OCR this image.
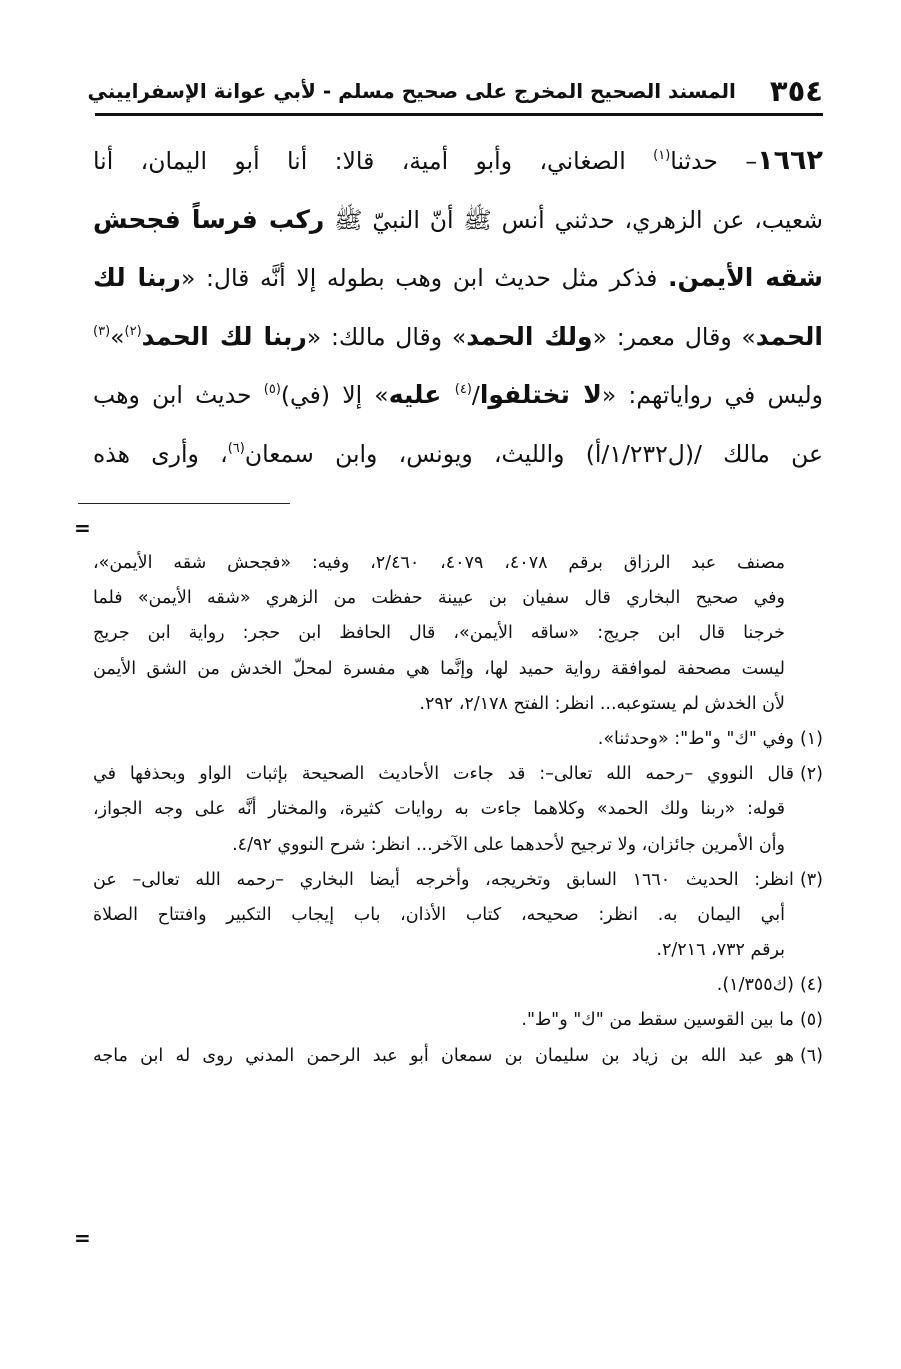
٣٥٤
المسند الصحيح المخرج على صحيح مسلم - لأبي عوانة الإسفراييني
١٦٦٢– حدثنا$^{(١)}$ الصغاني، وأبو أمية، قالا: أنا أبو اليمان، أنا
شعيب، عن الزهري، حدثني أنس ﷺ أنّ النبيّ ﷺ ركب فرساً فجحش
شقه الأيمن. فذكر مثل حديث ابن وهب بطوله إلا أنَّه قال: «ربنا لك
الحمد» وقال معمر: «ولك الحمد» وقال مالك: «ربنا لك الحمد$^{(٢)}$»$^{(٣)}$
وليس في رواياتهم: «لا تختلفوا/$^{(٤)}$ عليه» إلا (في)$^{(٥)}$ حديث ابن وهب
عن مالك /(ل١/٢٣٢/أ) والليث، ويونس، وابن سمعان$^{(٦)}$، وأرى هذه
=
مصنف عبد الرزاق برقم ٤٠٧٨، ٤٠٧٩، ٢/٤٦٠، وفيه: «فجحش شقه الأيمن»،
وفي صحيح البخاري قال سفيان بن عيينة حفظت من الزهري «شقه الأيمن» فلما
خرجنا قال ابن جريج: «ساقه الأيمن»، قال الحافظ ابن حجر: رواية ابن جريج
ليست مصحفة لموافقة رواية حميد لها، وإنَّما هي مفسرة لمحلّ الخدش من الشق الأيمن
لأن الخدش لم يستوعبه... انظر: الفتح ٢/١٧٨، ٢٩٢.
(١)وفي "ك" و"ط": «وحدثنا».
(٢)قال النووي –رحمه الله تعالى–: قد جاءت الأحاديث الصحيحة بإثبات الواو وبحذفها في
قوله: «ربنا ولك الحمد» وكلاهما جاءت به روايات كثيرة، والمختار أنَّه على وجه الجواز،
وأن الأمرين جائزان، ولا ترجيح لأحدهما على الآخر... انظر: شرح النووي ٤/٩٢.
(٣)انظر: الحديث ١٦٦٠ السابق وتخريجه، وأخرجه أيضا البخاري –رحمه الله تعالى– عن
أبي اليمان به. انظر: صحيحه، كتاب الأذان، باب إيجاب التكبير وافتتاح الصلاة
برقم ٧٣٢، ٢/٢١٦.
(٤)(ك١/٣٥٥).
(٥)ما بين القوسين سقط من "ك" و"ط".
(٦)هو عبد الله بن زياد بن سليمان بن سمعان أبو عبد الرحمن المدني روى له ابن ماجه
=
